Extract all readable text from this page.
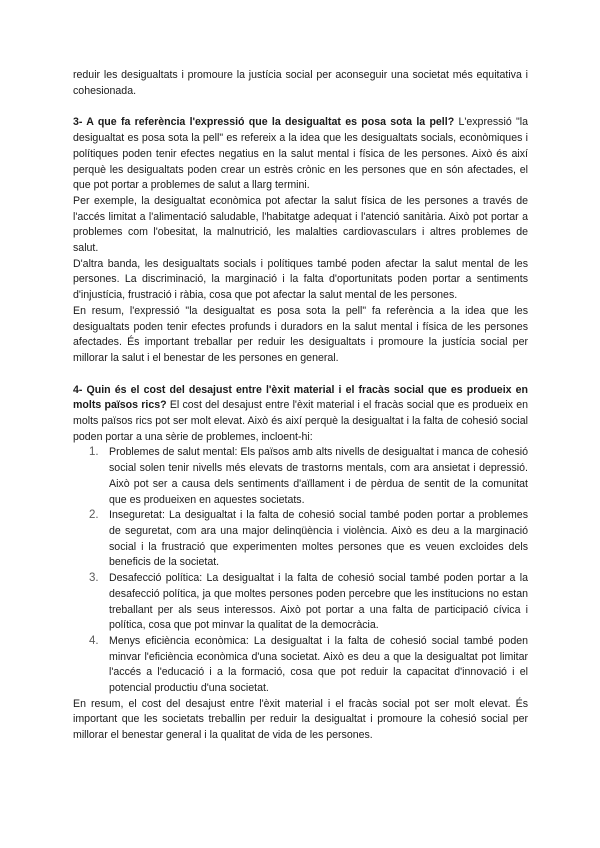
reduir les desigualtats i promoure la justícia social per aconseguir una societat més equitativa i cohesionada.

3- A que fa referència l'expressió que la desigualtat es posa sota la pell? L'expressió "la desigualtat es posa sota la pell" es refereix a la idea que les desigualtats socials, econòmiques i polítiques poden tenir efectes negatius en la salut mental i física de les persones. Això és així perquè les desigualtats poden crear un estrès crònic en les persones que en són afectades, el que pot portar a problemes de salut a llarg termini.

Per exemple, la desigualtat econòmica pot afectar la salut física de les persones a través de l'accés limitat a l'alimentació saludable, l'habitatge adequat i l'atenció sanitària. Això pot portar a problemes com l'obesitat, la malnutrició, les malalties cardiovasculars i altres problemes de salut.

D'altra banda, les desigualtats socials i polítiques també poden afectar la salut mental de les persones. La discriminació, la marginació i la falta d'oportunitats poden portar a sentiments d'injustícia, frustració i ràbia, cosa que pot afectar la salut mental de les persones.

En resum, l'expressió "la desigualtat es posa sota la pell" fa referència a la idea que les desigualtats poden tenir efectes profunds i duradors en la salut mental i física de les persones afectades. És important treballar per reduir les desigualtats i promoure la justícia social per millorar la salut i el benestar de les persones en general.

4- Quin és el cost del desajust entre l'èxit material i el fracàs social que es produeix en molts països rics? El cost del desajust entre l'èxit material i el fracàs social que es produeix en molts països rics pot ser molt elevat. Això és així perquè la desigualtat i la falta de cohesió social poden portar a una sèrie de problemes, incloent-hi:

1. Problemes de salut mental: Els països amb alts nivells de desigualtat i manca de cohesió social solen tenir nivells més elevats de trastorns mentals, com ara ansietat i depressió. Això pot ser a causa dels sentiments d'aïllament i de pèrdua de sentit de la comunitat que es produeixen en aquestes societats.
2. Inseguretat: La desigualtat i la falta de cohesió social també poden portar a problemes de seguretat, com ara una major delinqüència i violència. Això es deu a la marginació social i la frustració que experimenten moltes persones que es veuen excloides dels beneficis de la societat.
3. Desafecció política: La desigualtat i la falta de cohesió social també poden portar a la desafecció política, ja que moltes persones poden percebre que les institucions no estan treballant per als seus interessos. Això pot portar a una falta de participació cívica i política, cosa que pot minvar la qualitat de la democràcia.
4. Menys eficiència econòmica: La desigualtat i la falta de cohesió social també poden minvar l'eficiència econòmica d'una societat. Això es deu a que la desigualtat pot limitar l'accés a l'educació i a la formació, cosa que pot reduir la capacitat d'innovació i el potencial productiu d'una societat.

En resum, el cost del desajust entre l'èxit material i el fracàs social pot ser molt elevat. És important que les societats treballin per reduir la desigualtat i promoure la cohesió social per millorar el benestar general i la qualitat de vida de les persones.
